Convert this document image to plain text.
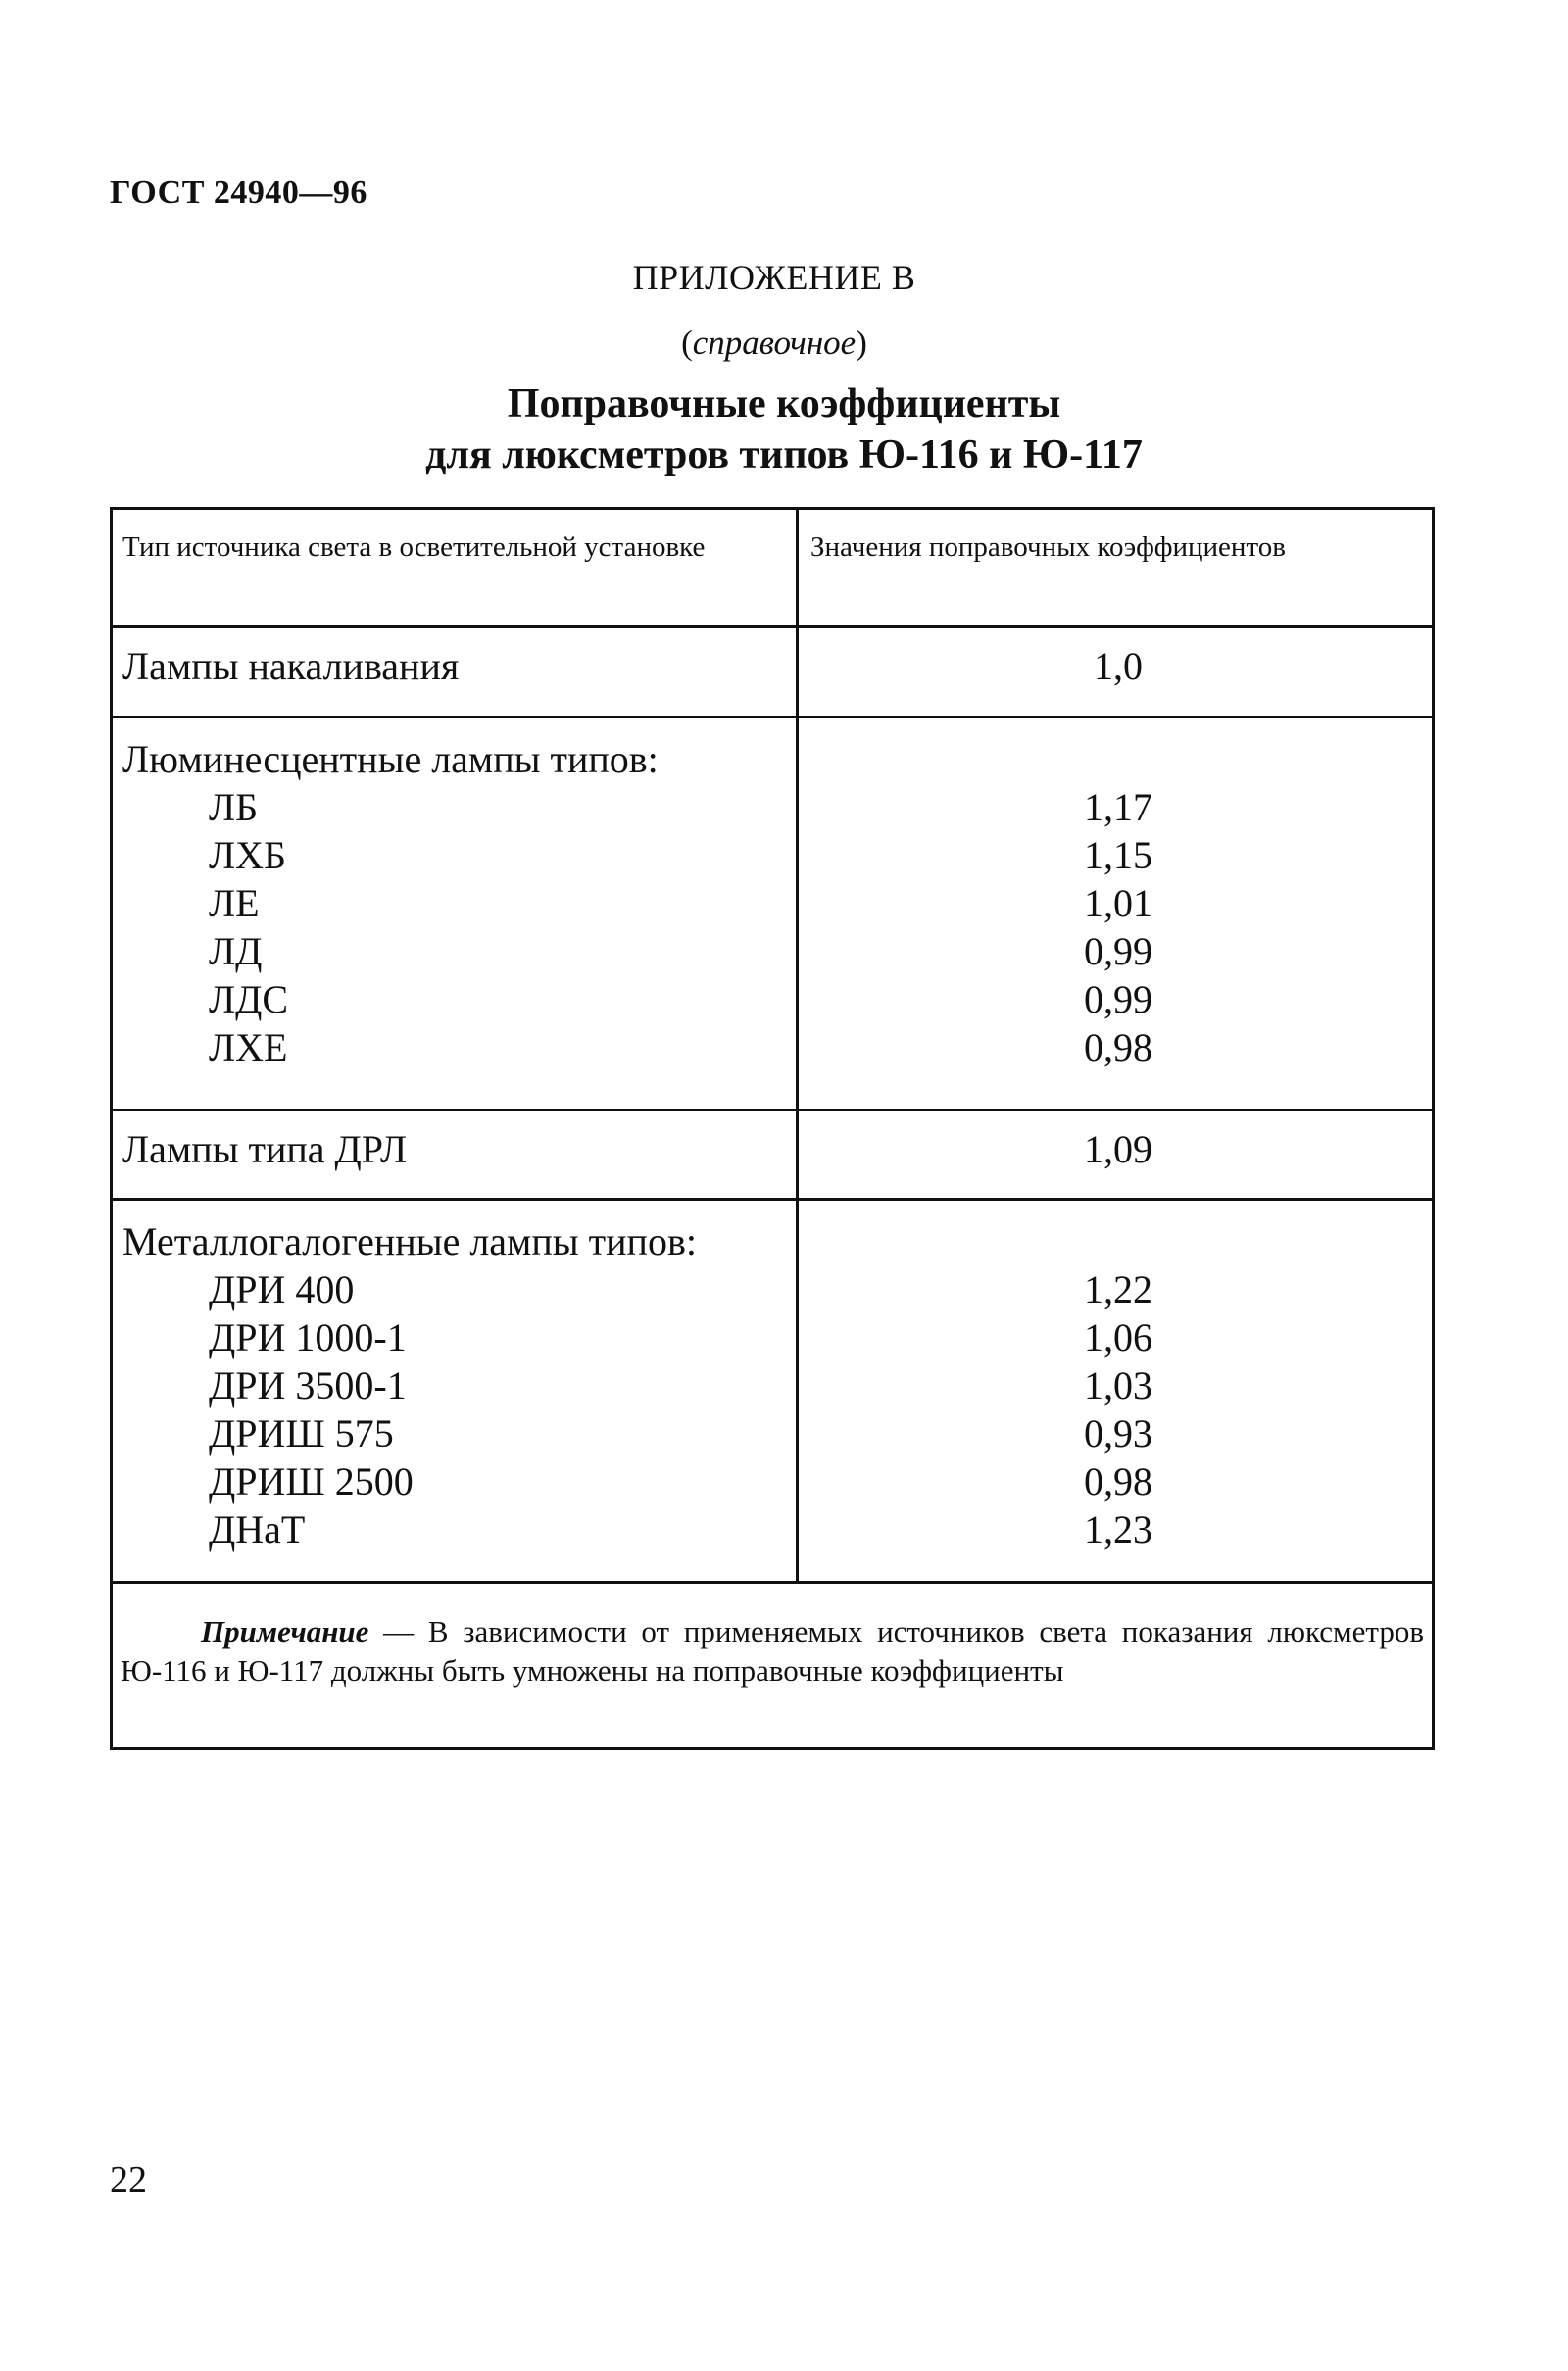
ГОСТ 24940—96
ПРИЛОЖЕНИЕ В
(справочное)
Поправочные коэффициенты
для люксметров типов Ю-116 и Ю-117
Тип источника света в осветительной установке	Значения поправочных коэффициентов
Лампы накаливания	1,0
Люминесцентные лампы типов:
ЛБ	1,17
ЛХБ	1,15
ЛЕ	1,01
ЛД	0,99
ЛДС	0,99
ЛХЕ	0,98
Лампы типа ДРЛ	1,09
Металлогалогенные лампы типов:
ДРИ 400	1,22
ДРИ 1000-1	1,06
ДРИ 3500-1	1,03
ДРИШ 575	0,93
ДРИШ 2500	0,98
ДНаТ	1,23
Примечание — В зависимости от применяемых источников света показания люксметров Ю-116 и Ю-117 должны быть умножены на поправочные коэффициенты
22
